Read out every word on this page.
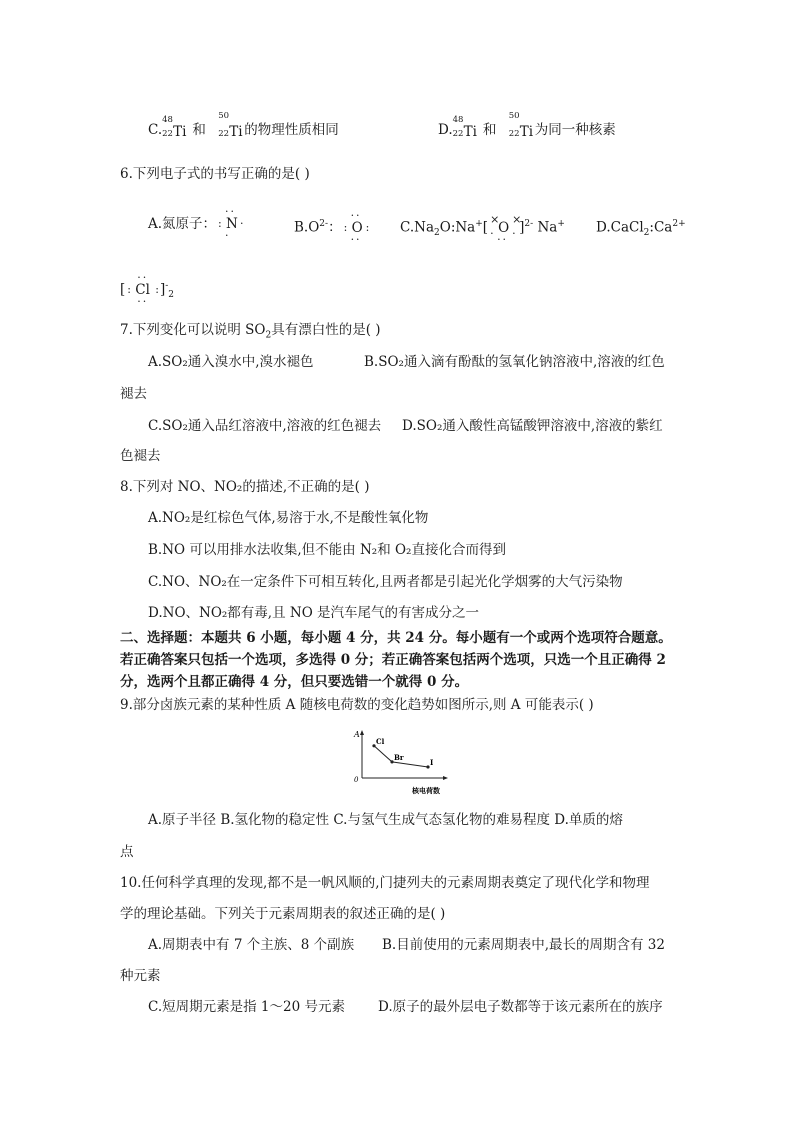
C.
48
22 Ti 和
50
22 Ti 的物理性质相同	D.
48
22 Ti 和
50
22 Ti 为同一种核素
6.下列电子式的书写正确的是( )
A.氮原子：
··
: N ·
·	$B.O^{2-}$：
··
: O :
··
$C.Na_2O:Na^+$[
×
· O
×
·
··
]$^{2-}$ Na+ $D.CaCl_2:Ca^{2+}$
[
··
: Cl :
··
]$^-_2$
7.下列变化可以说明 $SO_2$具有漂白性的是( )
A.SO₂通入溴水中,溴水褪色	B.SO₂通入滴有酚酞的氢氧化钠溶液中,溶液的红色
褪去
C.SO₂通入品红溶液中,溶液的红色褪去 D.SO₂通入酸性高锰酸钾溶液中,溶液的紫红
色褪去
8.下列对 NO、NO₂的描述,不正确的是( )
A.NO₂是红棕色气体,易溶于水,不是酸性氧化物
B.NO 可以用排水法收集,但不能由 N₂和 O₂直接化合而得到
C.NO、NO₂在一定条件下可相互转化,且两者都是引起光化学烟雾的大气污染物
D.NO、NO₂都有毒,且 NO 是汽车尾气的有害成分之一
二、选择题：本题共 6 小题，每小题 4 分，共 24 分。每小题有一个或两个选项符合题意。
若正确答案只包括一个选项，多选得 0 分；若正确答案包括两个选项，只选一个且正确得 2
分，选两个且都正确得 4 分，但只要选错一个就得 0 分。
9.部分卤族元素的某种性质 A 随核电荷数的变化趋势如图所示,则 A 可能表示( )
A
0
核电荷数
Cl
Br
I
A.原子半径 B.氢化物的稳定性 C.与氢气生成气态氢化物的难易程度 D.单质的熔
点
10.任何科学真理的发现,都不是一帆风顺的,门捷列夫的元素周期表奠定了现代化学和物理
学的理论基础。下列关于元素周期表的叙述正确的是( )
A.周期表中有 7 个主族、8 个副族 B.目前使用的元素周期表中,最长的周期含有 32
种元素
C.短周期元素是指 1～20 号元素 D.原子的最外层电子数都等于该元素所在的族序
